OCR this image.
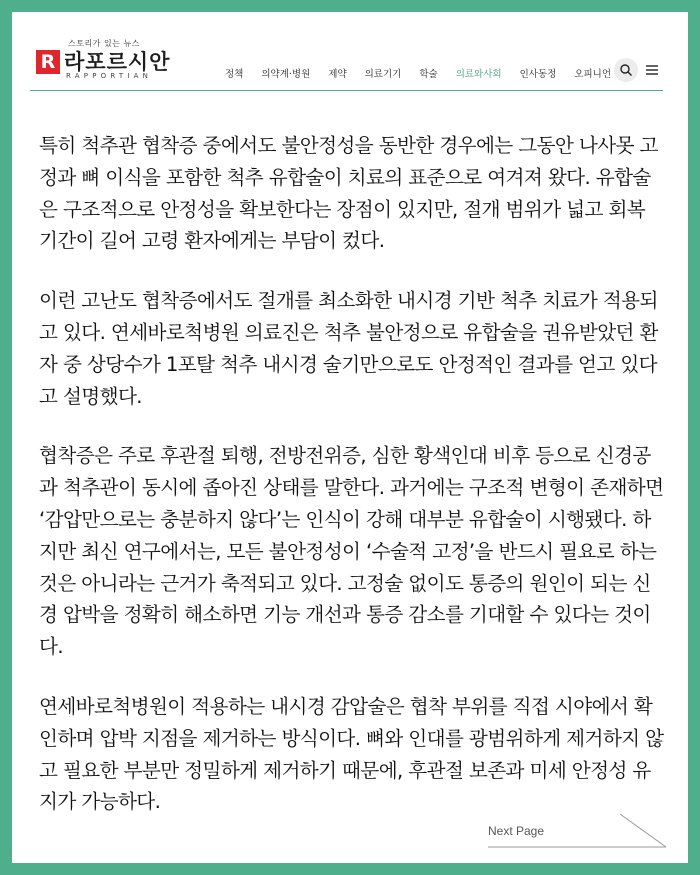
스토리가 있는 뉴스
R 라포르시안
RAPPORTIAN	정책 의약계·병원 제약 의료기기 학술 의료와사회 인사동정 오피니언

특히 척추관 협착증 중에서도 불안정성을 동반한 경우에는 그동안 나사못 고정과 뼈 이식을 포함한 척추 유합술이 치료의 표준으로 여겨져 왔다. 유합술은 구조적으로 안정성을 확보한다는 장점이 있지만, 절개 범위가 넓고 회복 기간이 길어 고령 환자에게는 부담이 컸다.

이런 고난도 협착증에서도 절개를 최소화한 내시경 기반 척추 치료가 적용되고 있다. 연세바로척병원 의료진은 척추 불안정으로 유합술을 권유받았던 환자 중 상당수가 1포탈 척추 내시경 술기만으로도 안정적인 결과를 얻고 있다고 설명했다.

협착증은 주로 후관절 퇴행, 전방전위증, 심한 황색인대 비후 등으로 신경공과 척추관이 동시에 좁아진 상태를 말한다. 과거에는 구조적 변형이 존재하면 ‘감압만으로는 충분하지 않다’는 인식이 강해 대부분 유합술이 시행됐다. 하지만 최신 연구에서는, 모든 불안정성이 ‘수술적 고정’을 반드시 필요로 하는 것은 아니라는 근거가 축적되고 있다. 고정술 없이도 통증의 원인이 되는 신경 압박을 정확히 해소하면 기능 개선과 통증 감소를 기대할 수 있다는 것이다.

연세바로척병원이 적용하는 내시경 감압술은 협착 부위를 직접 시야에서 확인하며 압박 지점을 제거하는 방식이다. 뼈와 인대를 광범위하게 제거하지 않고 필요한 부분만 정밀하게 제거하기 때문에, 후관절 보존과 미세 안정성 유지가 가능하다.

Next Page
